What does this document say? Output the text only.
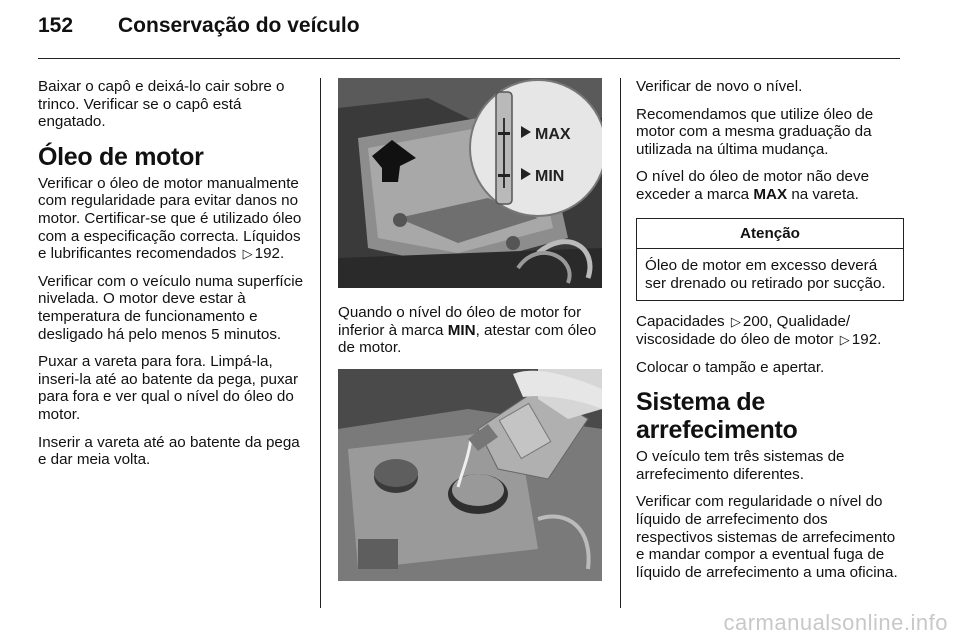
152	Conservação do veículo

Baixar o capô e deixá-lo cair sobre o trinco. Verificar se o capô está engatado.

Óleo de motor

Verificar o óleo de motor manualmente com regularidade para evitar danos no motor. Certificar-se que é utilizado óleo com a especificação correcta. Líquidos e lubrificantes recomendados ▷ 192.

Verificar com o veículo numa superfície nivelada. O motor deve estar à temperatura de funcionamento e desligado há pelo menos 5 minutos.

Puxar a vareta para fora. Limpá-la, inseri-la até ao batente da pega, puxar para fora e ver qual o nível do óleo do motor.

Inserir a vareta até ao batente da pega e dar meia volta.

MAX
MIN

Quando o nível do óleo de motor for inferior à marca MIN, atestar com óleo de motor.

Verificar de novo o nível.

Recomendamos que utilize óleo de motor com a mesma graduação da utilizada na última mudança.

O nível do óleo de motor não deve exceder a marca MAX na vareta.

Atenção
Óleo de motor em excesso deverá ser drenado ou retirado por sucção.

Capacidades ▷ 200, Qualidade/ viscosidade do óleo de motor ▷ 192.

Colocar o tampão e apertar.

Sistema de arrefecimento

O veículo tem três sistemas de arrefecimento diferentes.

Verificar com regularidade o nível do líquido de arrefecimento dos respectivos sistemas de arrefecimento e mandar compor a eventual fuga de líquido de arrefecimento a uma oficina.

carmanualsonline.info
